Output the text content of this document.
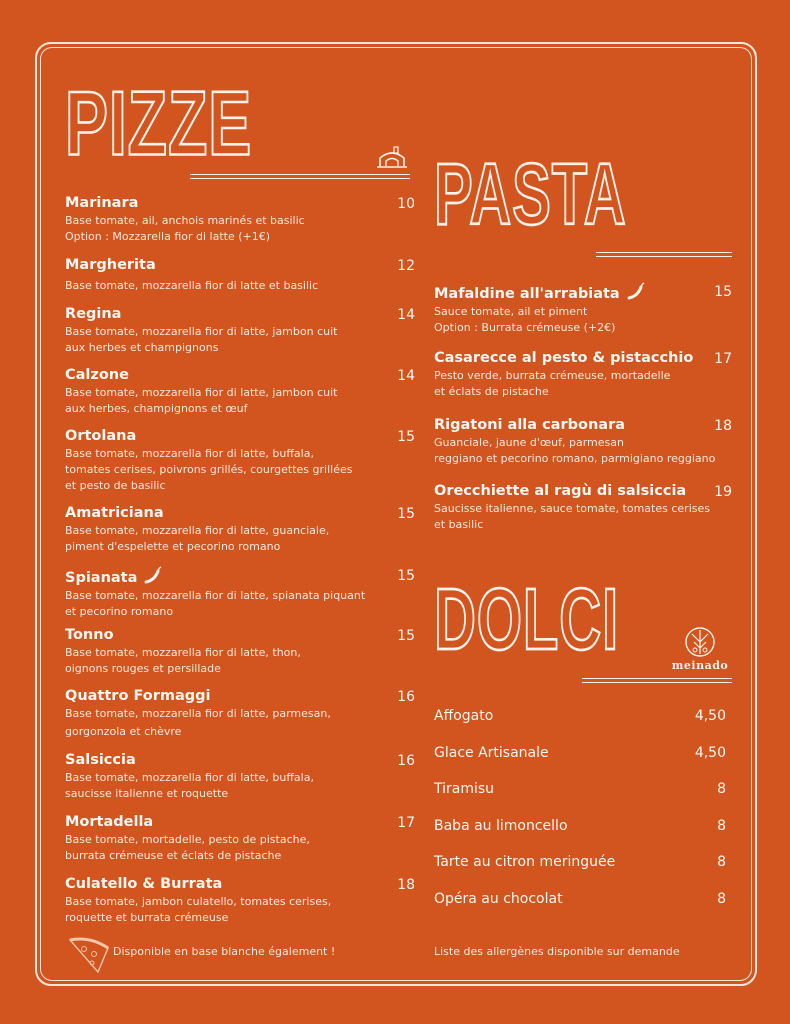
PIZZE
Marinara	10
Base tomate, ail, anchois marinés et basilic
Option : Mozzarella fior di latte (+1€)
Margherita	12
Base tomate, mozzarella fior di latte et basilic
Regina	14
Base tomate, mozzarella fior di latte, jambon cuit
aux herbes et champignons
Calzone	14
Base tomate, mozzarella fior di latte, jambon cuit
aux herbes, champignons et œuf
Ortolana	15
Base tomate, mozzarella fior di latte, buffala,
tomates cerises, poivrons grillés, courgettes grillées
et pesto de basilic
Amatriciana	15
Base tomate, mozzarella fior di latte, guanciale,
piment d'espelette et pecorino romano
Spianata	15
Base tomate, mozzarella fior di latte, spianata piquant
et pecorino romano
Tonno	15
Base tomate, mozzarella fior di latte, thon,
oignons rouges et persillade
Quattro Formaggi	16
Base tomate, mozzarella fior di latte, parmesan,
gorgonzola et chèvre
Salsiccia	16
Base tomate, mozzarella fior di latte, buffala,
saucisse italienne et roquette
Mortadella	17
Base tomate, mortadelle, pesto de pistache,
burrata crémeuse et éclats de pistache
Culatello & Burrata	18
Base tomate, jambon culatello, tomates cerises,
roquette et burrata crémeuse
Disponible en base blanche également !
PASTA
Mafaldine all'arrabiata	15
Sauce tomate, ail et piment
Option : Burrata crémeuse (+2€)
Casarecce al pesto & pistacchio	17
Pesto verde, burrata crémeuse, mortadelle
et éclats de pistache
Rigatoni alla carbonara	18
Guanciale, jaune d'œuf, parmesan
reggiano et pecorino romano, parmigiano reggiano
Orecchiette al ragù di salsiccia	19
Saucisse italienne, sauce tomate, tomates cerises
et basilic
DOLCI	meinado
Affogato	4,50
Glace Artisanale	4,50
Tiramisu	8
Baba au limoncello	8
Tarte au citron meringuée	8
Opéra au chocolat	8
Liste des allergènes disponible sur demande
